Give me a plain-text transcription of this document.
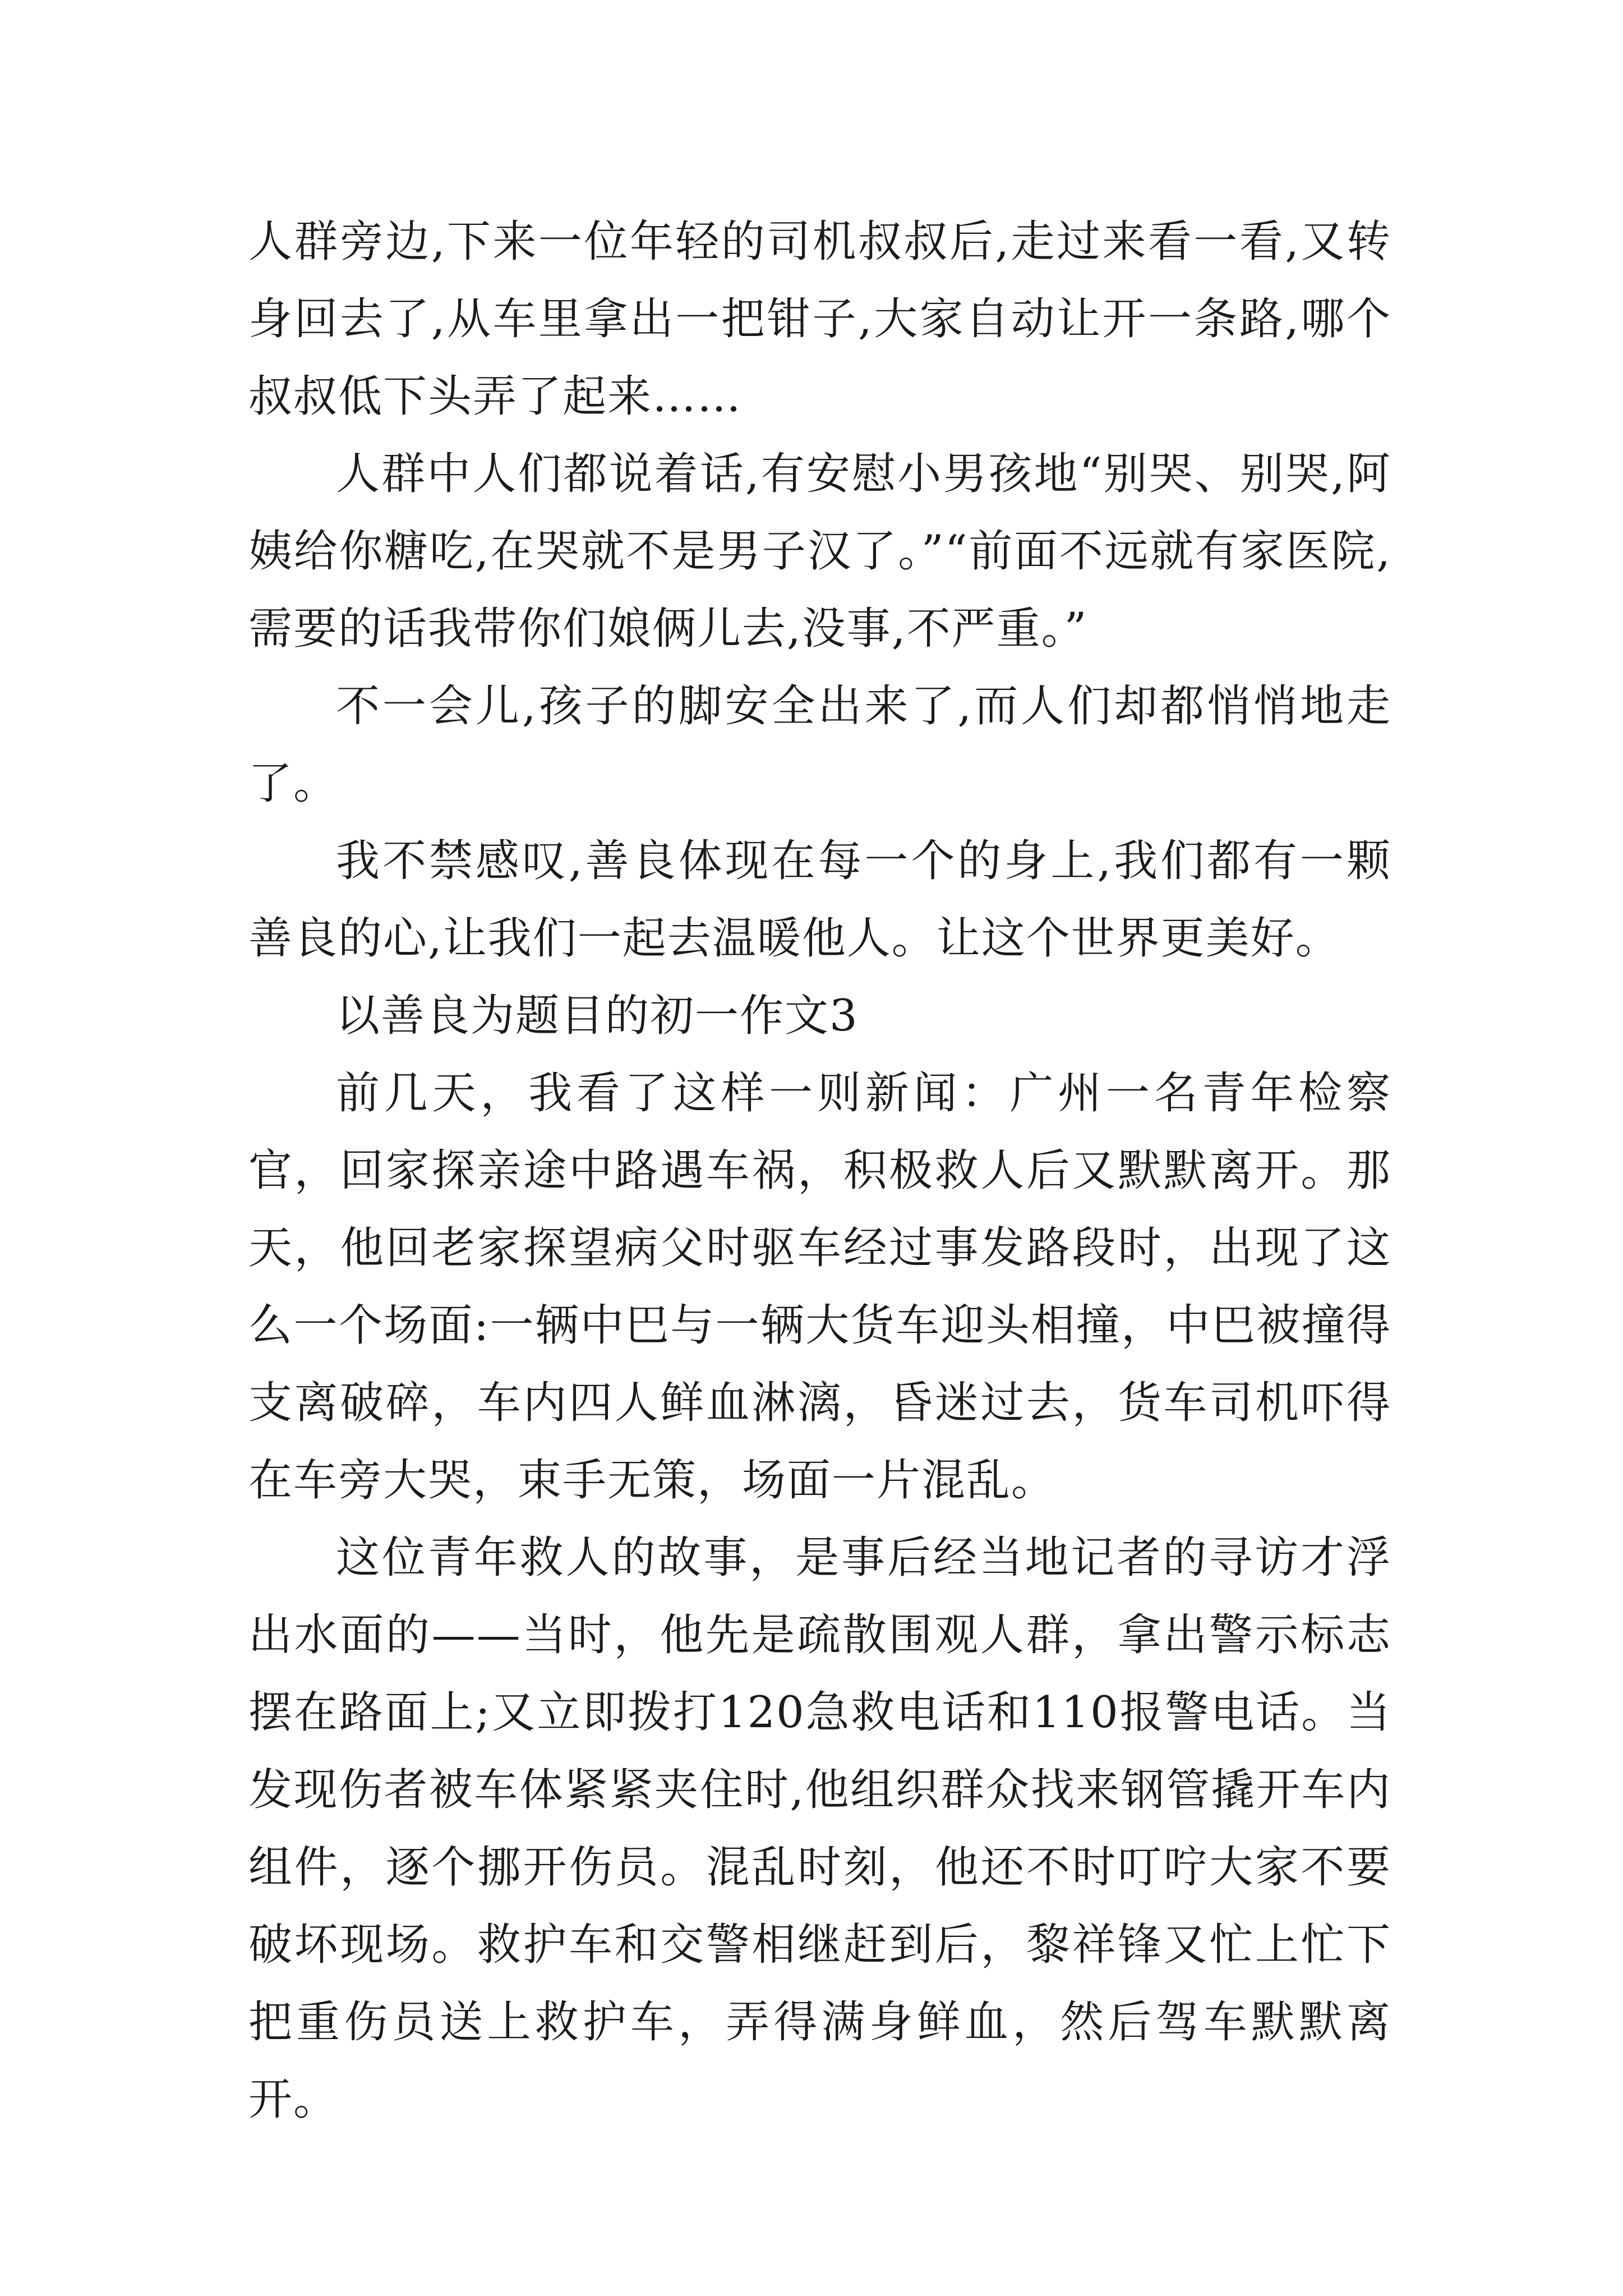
人群旁边,下来一位年轻的司机叔叔后,走过来看一看,又转身回去了,从车里拿出一把钳子,大家自动让开一条路,哪个叔叔低下头弄了起来……

人群中人们都说着话,有安慰小男孩地“别哭、别哭,阿姨给你糖吃,在哭就不是男子汉了。”“前面不远就有家医院,需要的话我带你们娘俩儿去,没事,不严重。”

不一会儿,孩子的脚安全出来了,而人们却都悄悄地走了。

我不禁感叹,善良体现在每一个的身上,我们都有一颗善良的心,让我们一起去温暖他人。让这个世界更美好。

以善良为题目的初一作文3

前几天，我看了这样一则新闻：广州一名青年检察官，回家探亲途中路遇车祸，积极救人后又默默离开。那天，他回老家探望病父时驱车经过事发路段时，出现了这么一个场面:一辆中巴与一辆大货车迎头相撞，中巴被撞得支离破碎，车内四人鲜血淋漓，昏迷过去，货车司机吓得在车旁大哭，束手无策，场面一片混乱。

这位青年救人的故事，是事后经当地记者的寻访才浮出水面的——当时，他先是疏散围观人群，拿出警示标志摆在路面上;又立即拨打120急救电话和110报警电话。当发现伤者被车体紧紧夹住时,他组织群众找来钢管撬开车内组件，逐个挪开伤员。混乱时刻，他还不时叮咛大家不要破坏现场。救护车和交警相继赶到后，黎祥锋又忙上忙下把重伤员送上救护车，弄得满身鲜血，然后驾车默默离开。
